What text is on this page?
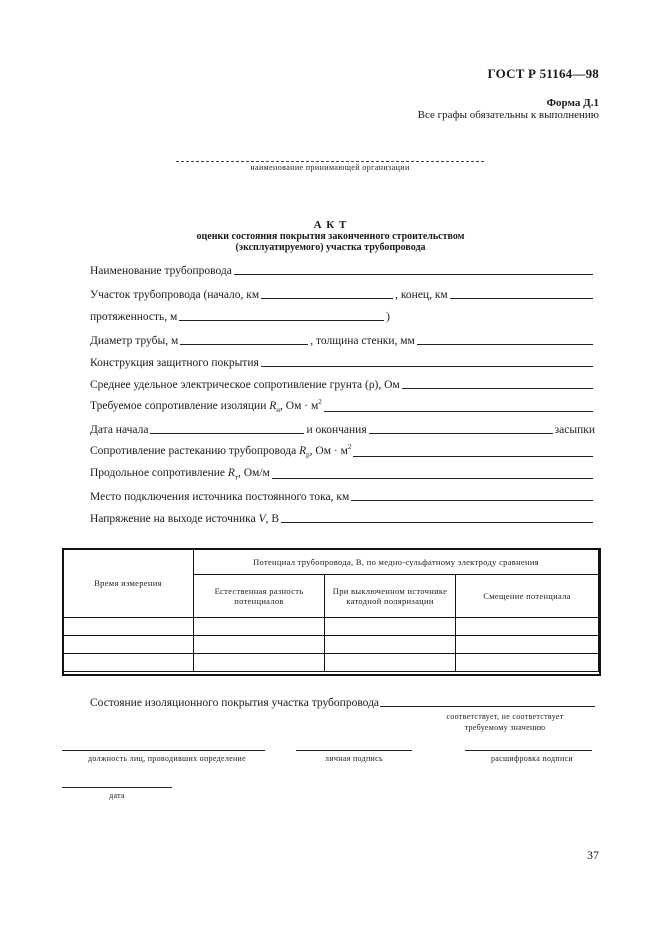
ГОСТ Р 51164—98
Форма Д.1
Все графы обязательны к выполнению
наименование принимающей организации
А К Т
оценки состояния покрытия законченного строительством
(эксплуатируемого) участка трубопровода
Наименование трубопровода
Участок трубопровода (начало, км	, конец, км
протяженность, м	)
Диаметр трубы, м	, толщина стенки, мм
Конструкция защитного покрытия
Среднее удельное электрическое сопротивление грунта (ρ), Ом
Требуемое сопротивление изоляции $R_и$, Ом · $м^2$
Дата начала	и окончания	засыпки
Сопротивление растеканию трубопровода $R_р$, Ом · $м^2$
Продольное сопротивление $R_т$, Ом/м
Место подключения источника постоянного тока, км
Напряжение на выходе источника V, В
Время измерения	Потенциал трубопровода, В, по медно-сульфатному электроду сравнения		
	Естественная разность потенциалов	При выключенном источнике катодной поляризации	Смещение потенциала

Состояние изоляционного покрытия участка трубопровода
соответствует, не соответствует
требуемому значению
должность лиц, проводивших определение	личная подпись	расшифровка подписи
дата
37
